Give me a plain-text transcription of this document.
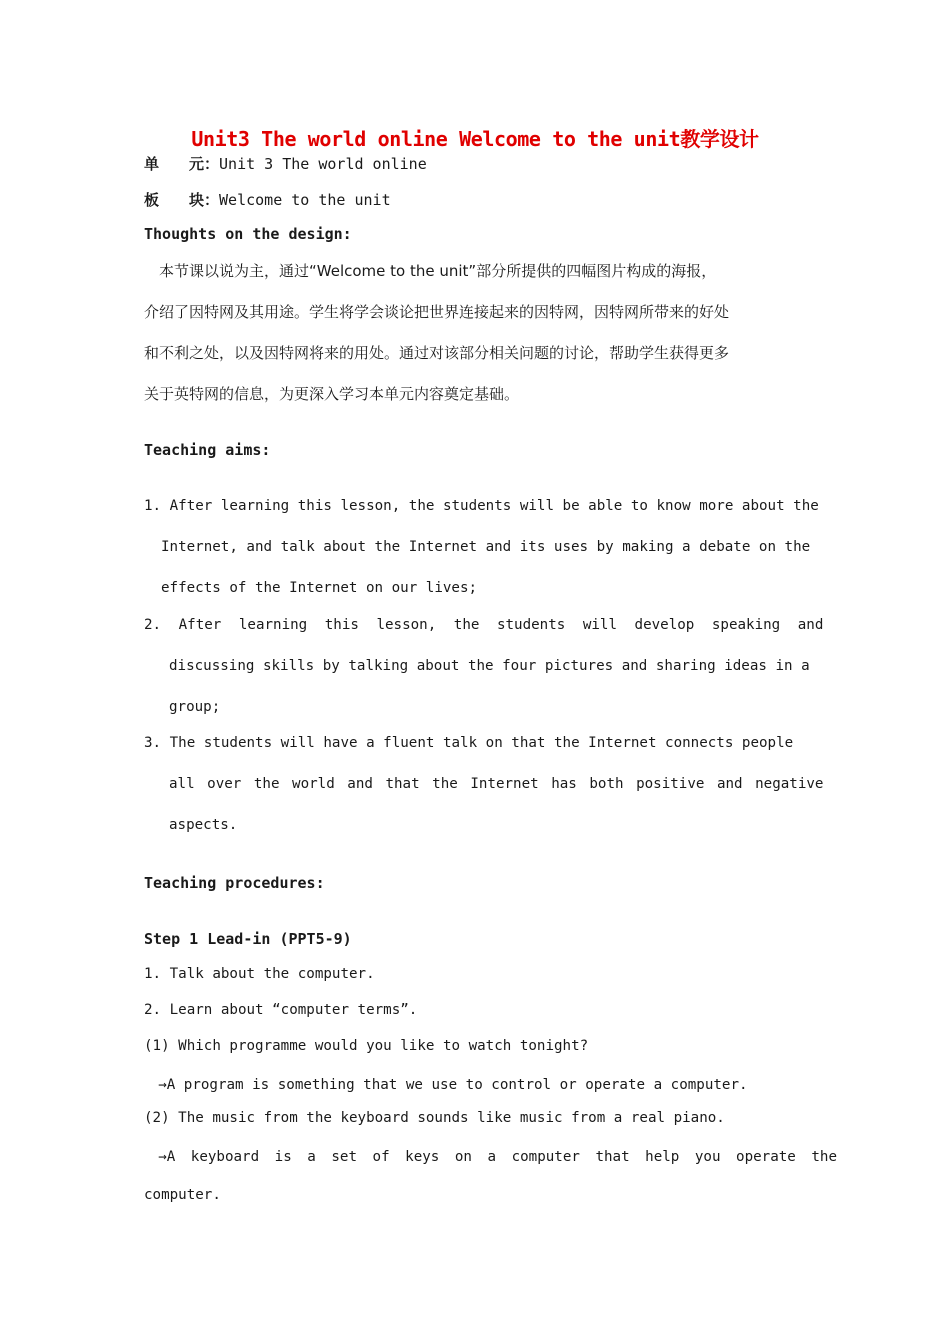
Unit3 The world online Welcome to the unit教学设计
单　　元：Unit 3 The world online
板　　块：Welcome to the unit
Thoughts on the design:
　本节课以说为主，通过“Welcome to the unit”部分所提供的四幅图片构成的海报，
介绍了因特网及其用途。学生将学会谈论把世界连接起来的因特网，因特网所带来的好处
和不利之处，以及因特网将来的用处。通过对该部分相关问题的讨论，帮助学生获得更多
关于英特网的信息，为更深入学习本单元内容奠定基础。
Teaching aims:
1. After learning this lesson, the students will be able to know more about the
Internet, and talk about the Internet and its uses by making a debate on the
effects of the Internet on our lives;
2. After learning this lesson, the students will develop speaking and
discussing skills by talking about the four pictures and sharing ideas in a
group;
3. The students will have a fluent talk on that the Internet connects people
all over the world and that the Internet has both positive and negative
aspects.
Teaching procedures:
Step 1 Lead-in (PPT5-9)
1. Talk about the computer.
2. Learn about “computer terms”.
(1) Which programme would you like to watch tonight?
　→A program is something that we use to control or operate a computer.
(2) The music from the keyboard sounds like music from a real piano.
　→A keyboard is a set of keys on a computer that help you operate the
computer.
